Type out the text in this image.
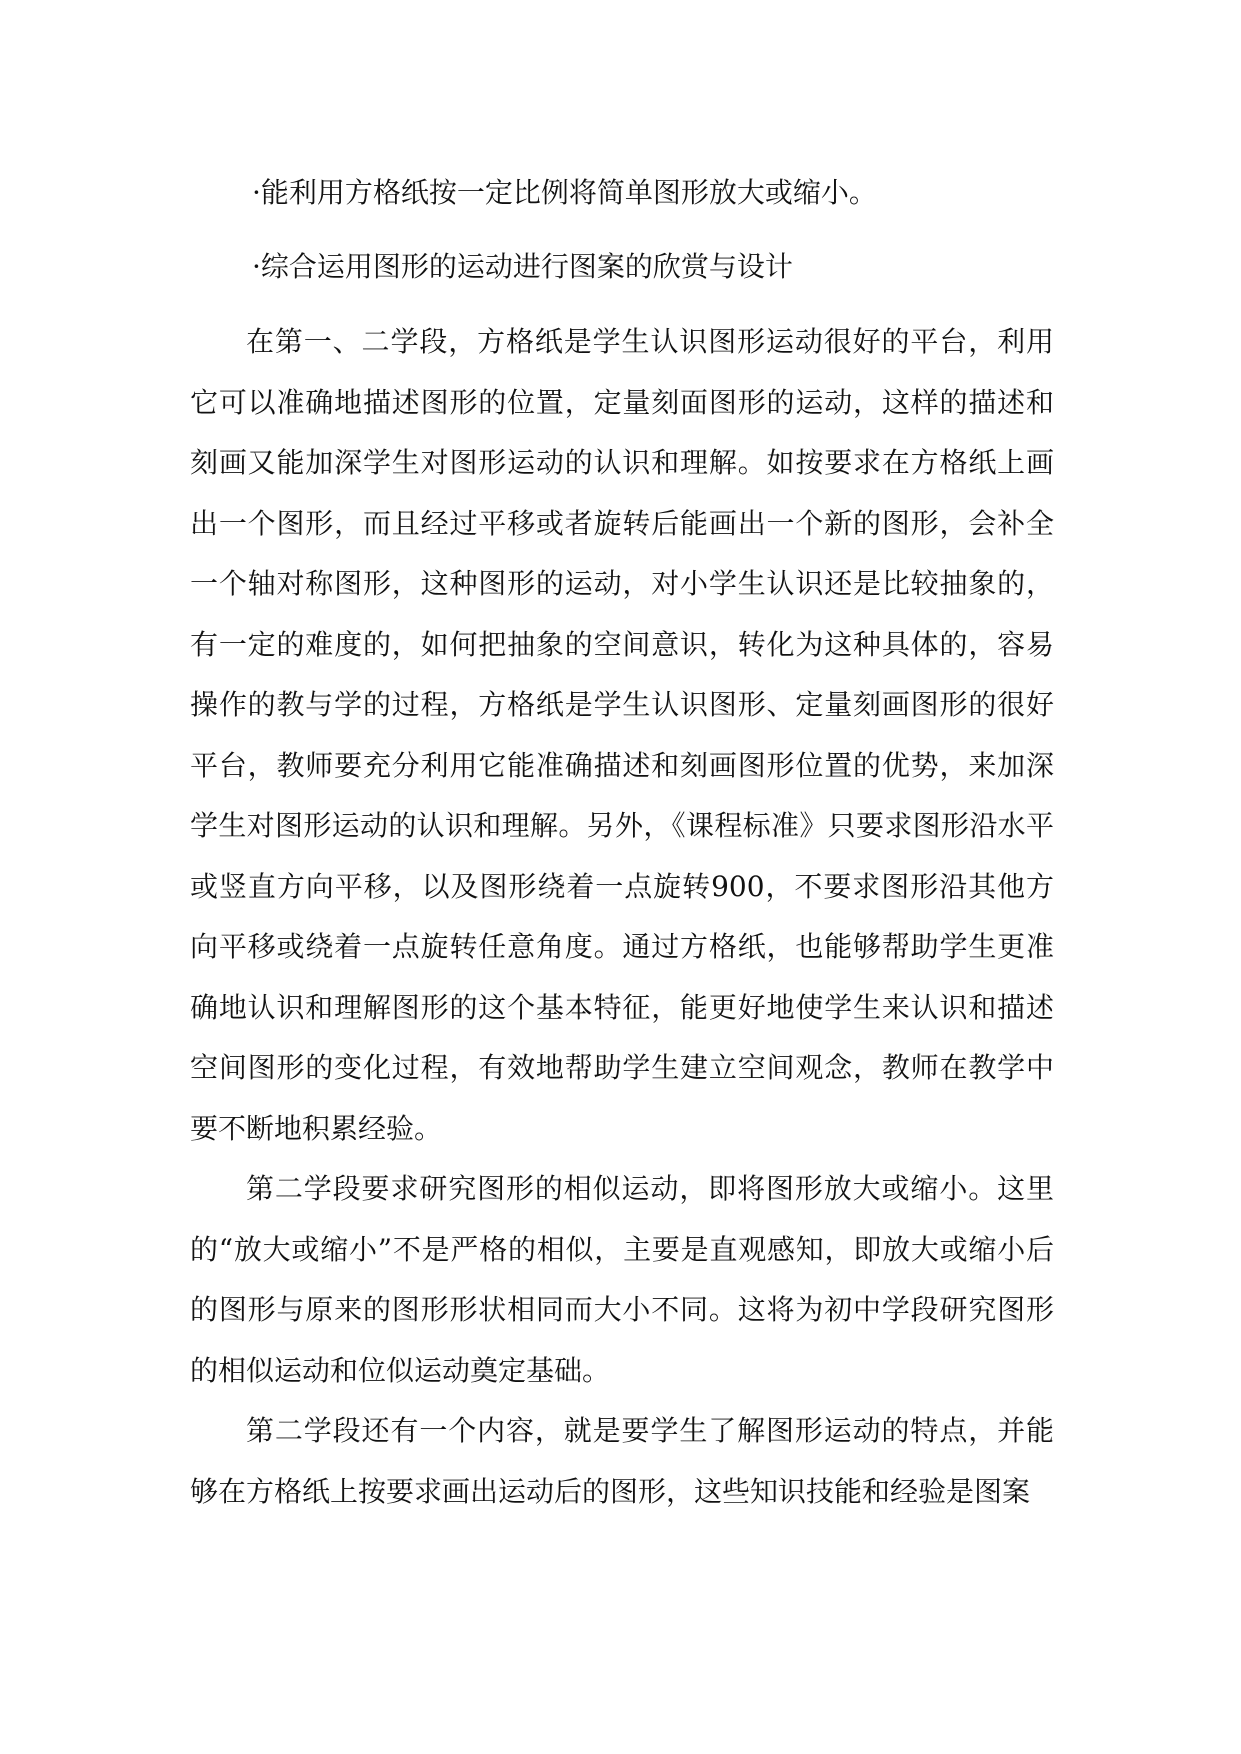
·能利用方格纸按一定比例将简单图形放大或缩小。

·综合运用图形的运动进行图案的欣赏与设计

在第一、二学段，方格纸是学生认识图形运动很好的平台，利用它可以准确地描述图形的位置，定量刻面图形的运动，这样的描述和刻画又能加深学生对图形运动的认识和理解。如按要求在方格纸上画出一个图形，而且经过平移或者旋转后能画出一个新的图形，会补全一个轴对称图形，这种图形的运动，对小学生认识还是比较抽象的，有一定的难度的，如何把抽象的空间意识，转化为这种具体的，容易操作的教与学的过程，方格纸是学生认识图形、定量刻画图形的很好平台，教师要充分利用它能准确描述和刻画图形位置的优势，来加深学生对图形运动的认识和理解。另外，《课程标准》只要求图形沿水平或竖直方向平移，以及图形绕着一点旋转900，不要求图形沿其他方向平移或绕着一点旋转任意角度。通过方格纸，也能够帮助学生更准确地认识和理解图形的这个基本特征，能更好地使学生来认识和描述空间图形的变化过程，有效地帮助学生建立空间观念，教师在教学中要不断地积累经验。

第二学段要求研究图形的相似运动，即将图形放大或缩小。这里的“放大或缩小”不是严格的相似，主要是直观感知，即放大或缩小后的图形与原来的图形形状相同而大小不同。这将为初中学段研究图形的相似运动和位似运动奠定基础。

第二学段还有一个内容，就是要学生了解图形运动的特点，并能够在方格纸上按要求画出运动后的图形，这些知识技能和经验是图案
